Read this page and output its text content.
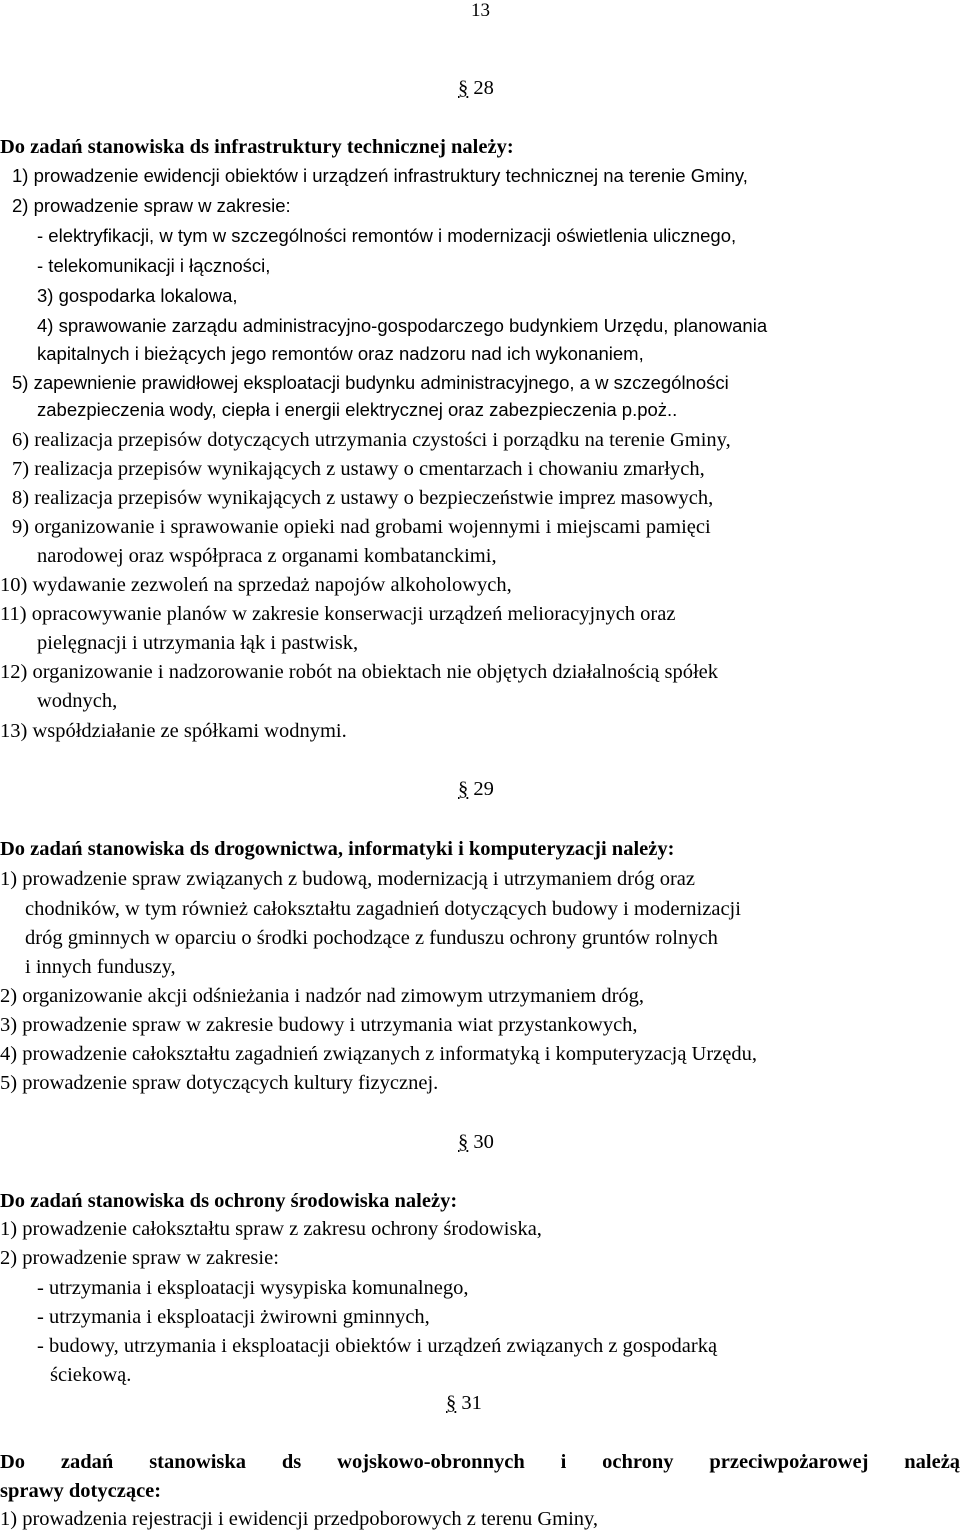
13
§ 28
Do zadań stanowiska ds infrastruktury technicznej należy:
1) prowadzenie ewidencji obiektów i urządzeń infrastruktury technicznej na terenie Gminy,
2) prowadzenie spraw w zakresie:
- elektryfikacji, w tym w szczególności remontów i modernizacji oświetlenia ulicznego,
- telekomunikacji i łączności,
3) gospodarka lokalowa,
4) sprawowanie zarządu administracyjno-gospodarczego budynkiem Urzędu, planowania
kapitalnych i bieżących jego remontów oraz nadzoru nad ich wykonaniem,
5) zapewnienie prawidłowej eksploatacji budynku administracyjnego, a w szczególności
zabezpieczenia wody, ciepła i energii elektrycznej oraz zabezpieczenia p.poż..
6) realizacja przepisów dotyczących utrzymania czystości i porządku na terenie Gminy,
7) realizacja przepisów wynikających z ustawy o cmentarzach i chowaniu zmarłych,
8) realizacja przepisów wynikających z ustawy o bezpieczeństwie imprez masowych,
9) organizowanie i sprawowanie opieki nad grobami wojennymi i miejscami pamięci
narodowej oraz współpraca z organami kombatanckimi,
10) wydawanie zezwoleń na sprzedaż napojów alkoholowych,
11) opracowywanie planów w zakresie konserwacji urządzeń melioracyjnych oraz
pielęgnacji i utrzymania łąk i pastwisk,
12) organizowanie i nadzorowanie robót na obiektach nie objętych działalnością spółek
wodnych,
13) współdziałanie ze spółkami wodnymi.
§ 29
Do zadań stanowiska ds drogownictwa, informatyki i komputeryzacji należy:
1) prowadzenie spraw związanych z budową, modernizacją i utrzymaniem dróg oraz
chodników, w tym również całokształtu zagadnień dotyczących budowy i modernizacji
dróg gminnych w oparciu o środki pochodzące z funduszu ochrony gruntów rolnych
i innych funduszy,
2) organizowanie akcji odśnieżania i nadzór nad zimowym utrzymaniem dróg,
3) prowadzenie spraw w zakresie budowy i utrzymania wiat przystankowych,
4) prowadzenie całokształtu zagadnień związanych z informatyką i komputeryzacją Urzędu,
5) prowadzenie spraw dotyczących kultury fizycznej.
§ 30
Do zadań stanowiska ds ochrony środowiska należy:
1) prowadzenie całokształtu spraw z zakresu ochrony środowiska,
2) prowadzenie spraw w zakresie:
- utrzymania i eksploatacji wysypiska komunalnego,
- utrzymania i eksploatacji żwirowni gminnych,
- budowy, utrzymania i eksploatacji obiektów i urządzeń związanych z gospodarką
ściekową.
§ 31
Do zadań stanowiska ds wojskowo-obronnych i ochrony przeciwpożarowej należą
sprawy dotyczące:
1) prowadzenia rejestracji i ewidencji przedpoborowych z terenu Gminy,
